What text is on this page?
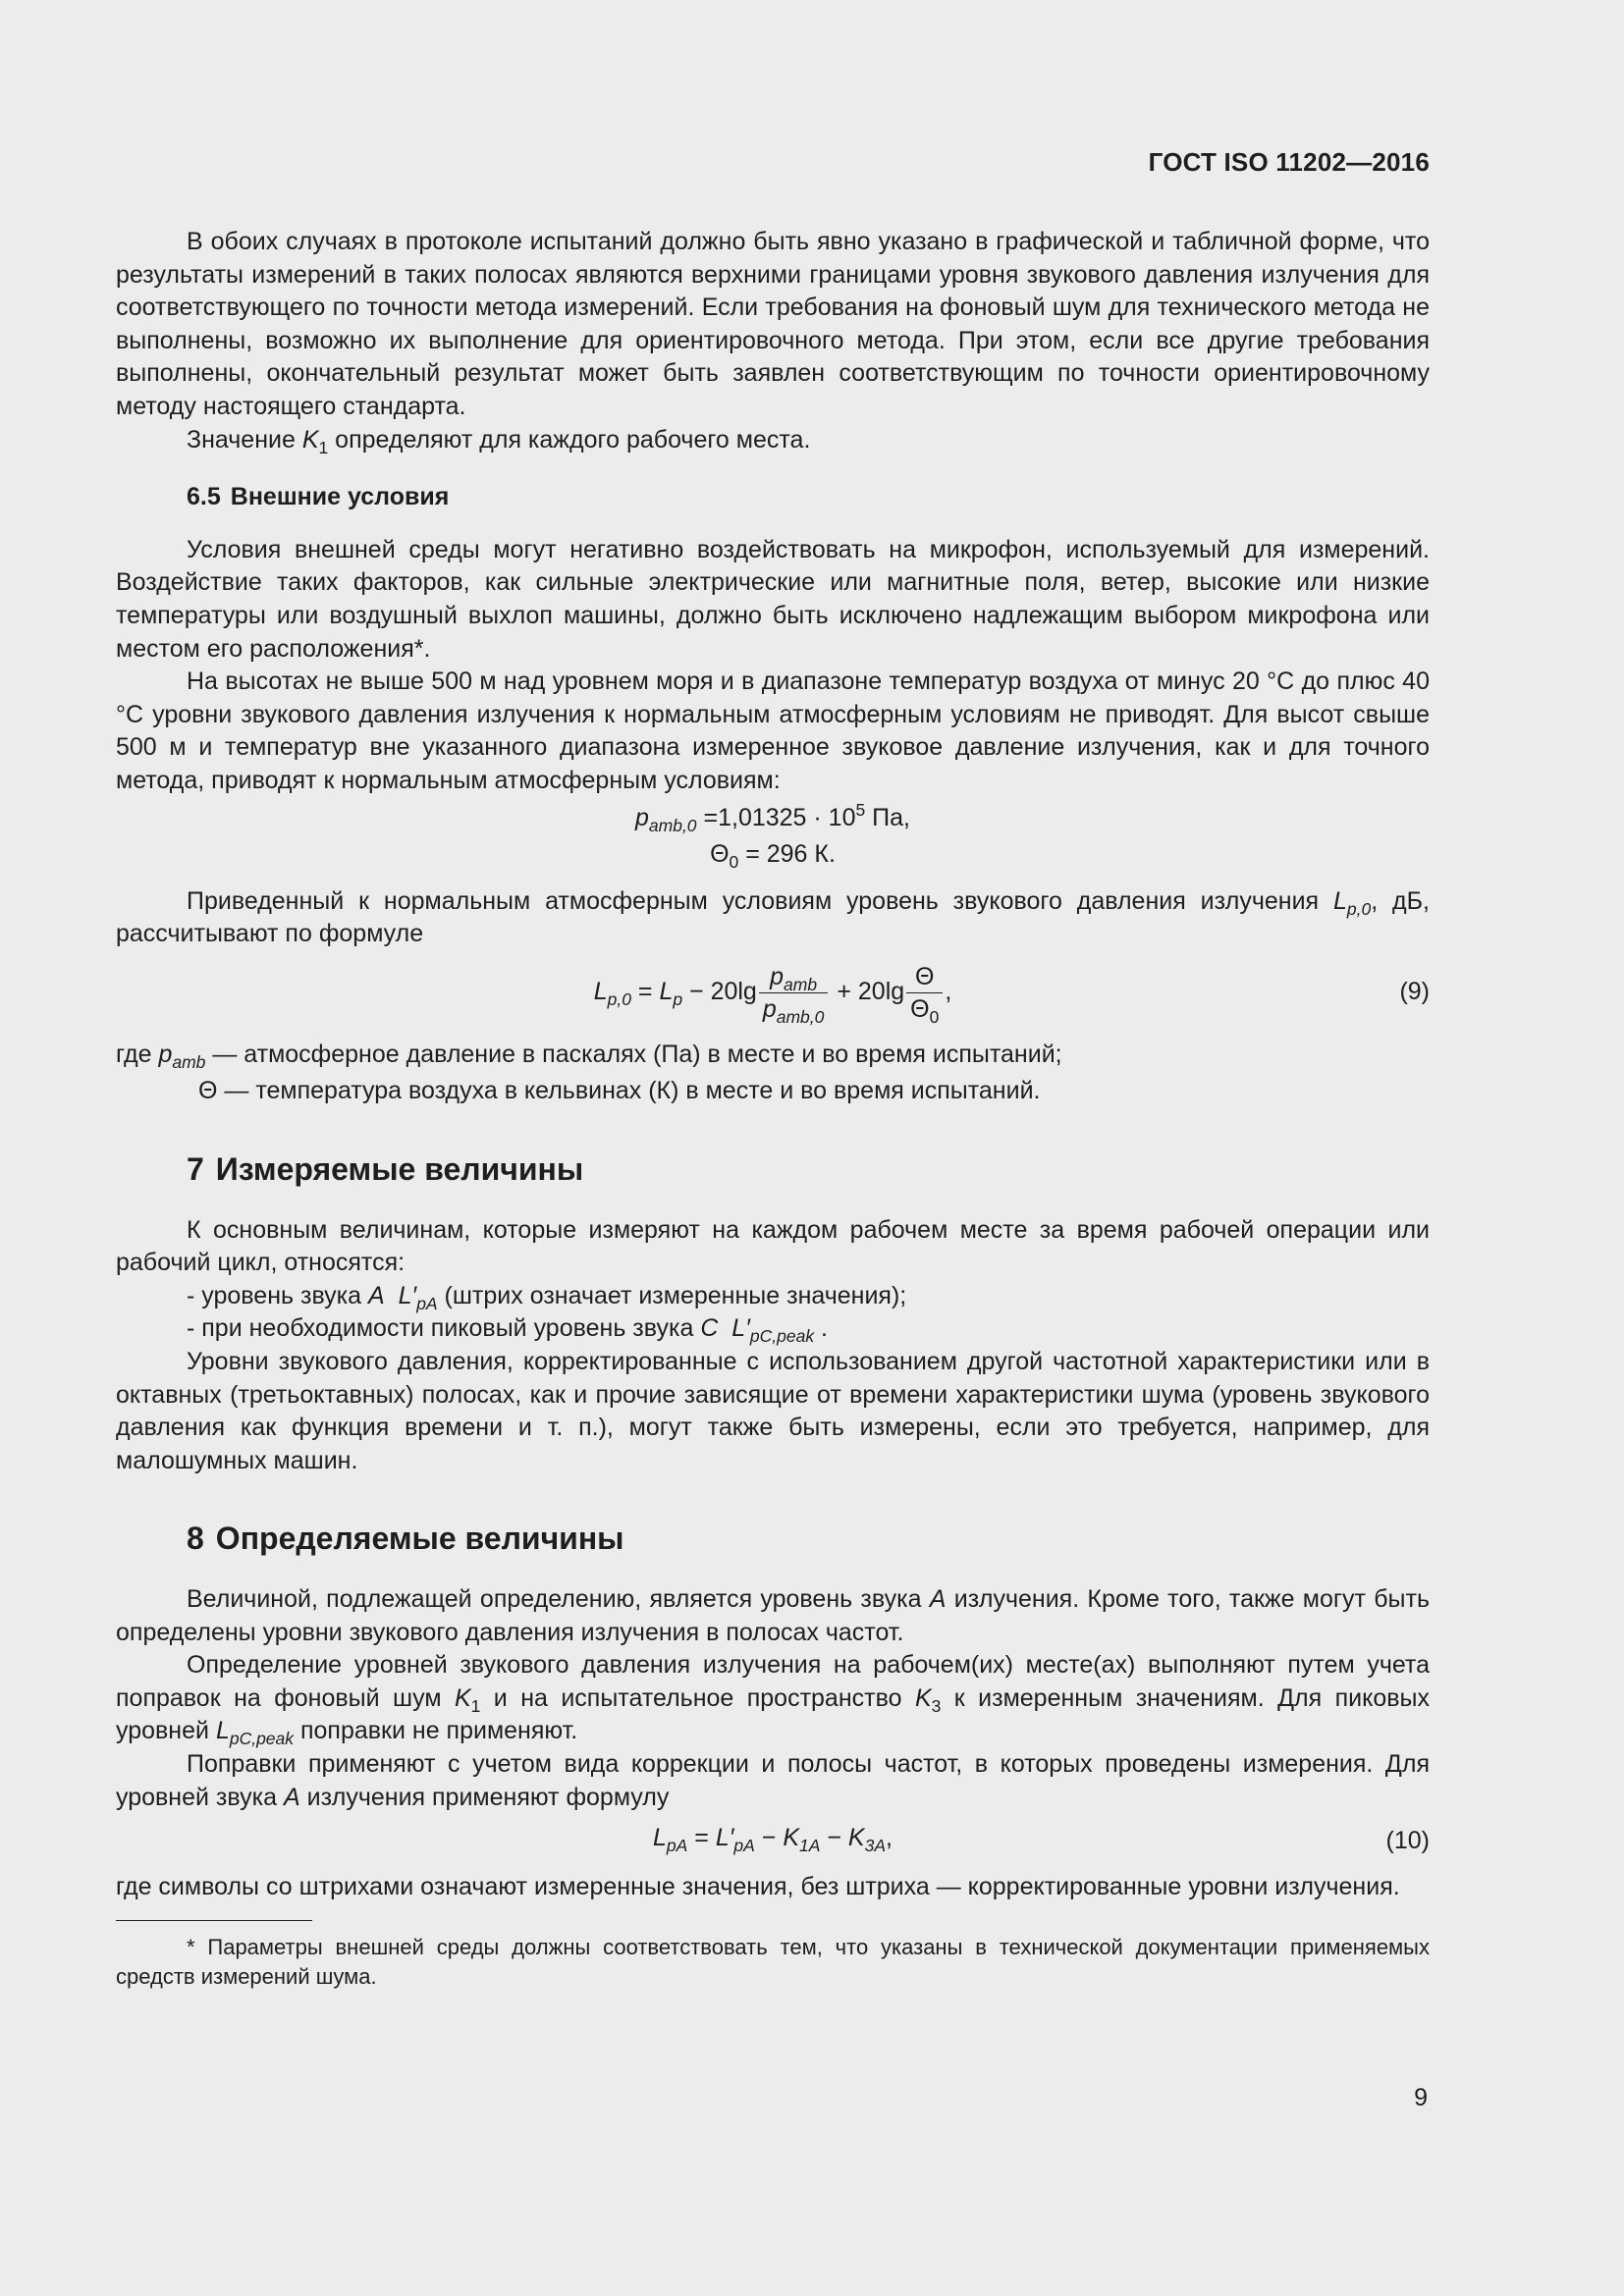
ГОСТ ISO 11202—2016

В обоих случаях в протоколе испытаний должно быть явно указано в графической и табличной форме, что результаты измерений в таких полосах являются верхними границами уровня звукового давления излучения для соответствующего по точности метода измерений. Если требования на фоновый шум для технического метода не выполнены, возможно их выполнение для ориентировочного метода. При этом, если все другие требования выполнены, окончательный результат может быть заявлен соответствующим по точности ориентировочному методу настоящего стандарта.

Значение $K_1$ определяют для каждого рабочего места.

6.5 Внешние условия

Условия внешней среды могут негативно воздействовать на микрофон, используемый для измерений. Воздействие таких факторов, как сильные электрические или магнитные поля, ветер, высокие или низкие температуры или воздушный выхлоп машины, должно быть исключено надлежащим выбором микрофона или местом его расположения*.

На высотах не выше 500 м над уровнем моря и в диапазоне температур воздуха от минус 20 °С до плюс 40 °С уровни звукового давления излучения к нормальным атмосферным условиям не приводят. Для высот свыше 500 м и температур вне указанного диапазона измеренное звуковое давление излучения, как и для точного метода, приводят к нормальным атмосферным условиям:

$p_{amb,0} =1,01325 \cdot 10^5$ Па,
$\Theta_0 = 296$ К.

Приведенный к нормальным атмосферным условиям уровень звукового давления излучения $L_{p,0}$, дБ, рассчитывают по формуле

$L_{p,0} = L_p - 20\lg \frac{p_{amb}}{p_{amb,0}} + 20\lg \frac{\Theta}{\Theta_0}$ ,	(9)

где $p_{amb}$ — атмосферное давление в паскалях (Па) в месте и во время испытаний;

Θ — температура воздуха в кельвинах (К) в месте и во время испытаний.

7 Измеряемые величины

К основным величинам, которые измеряют на каждом рабочем месте за время рабочей операции или рабочий цикл, относятся:

- уровень звука A $L'_{pA}$ (штрих означает измеренные значения);

- при необходимости пиковый уровень звука C $L'_{pC,peak}$ .

Уровни звукового давления, корректированные с использованием другой частотной характеристики или в октавных (третьоктавных) полосах, как и прочие зависящие от времени характеристики шума (уровень звукового давления как функция времени и т. п.), могут также быть измерены, если это требуется, например, для малошумных машин.

8 Определяемые величины

Величиной, подлежащей определению, является уровень звука A излучения. Кроме того, также могут быть определены уровни звукового давления излучения в полосах частот.

Определение уровней звукового давления излучения на рабочем(их) месте(ах) выполняют путем учета поправок на фоновый шум $K_1$ и на испытательное пространство $K_3$ к измеренным значениям. Для пиковых уровней $L_{pC,peak}$ поправки не применяют.

Поправки применяют с учетом вида коррекции и полосы частот, в которых проведены измерения. Для уровней звука A излучения применяют формулу

$L_{pA} = L'_{pA} - K_{1A} - K_{3A}$,	(10)

где символы со штрихами означают измеренные значения, без штриха — корректированные уровни излучения.

* Параметры внешней среды должны соответствовать тем, что указаны в технической документации применяемых средств измерений шума.

9
